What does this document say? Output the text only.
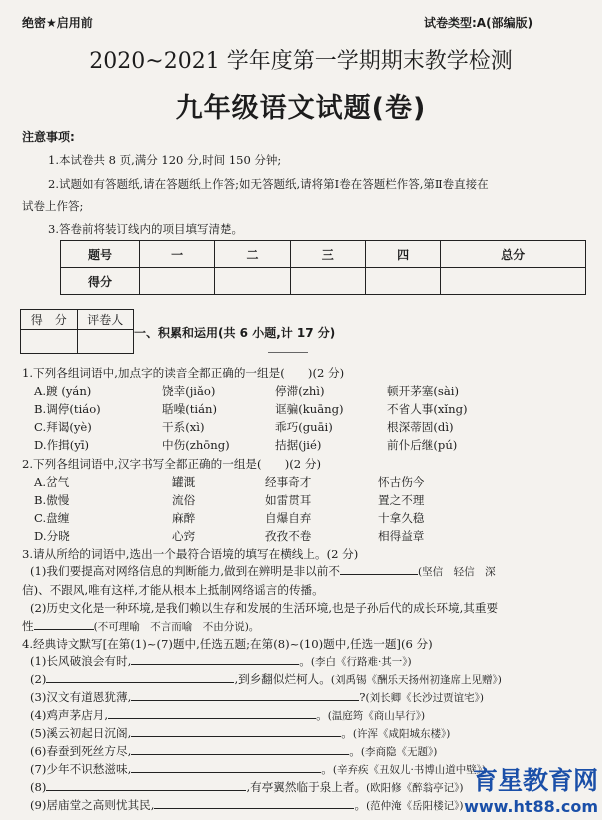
绝密★启用前	试卷类型:A(部编版)
2020~2021 学年度第一学期期末教学检测
九年级语文试题(卷)
注意事项:
1.本试卷共 8 页,满分 120 分,时间 150 分钟;
2.试题如有答题纸,请在答题纸上作答;如无答题纸,请将第Ⅰ卷在答题栏作答,第Ⅱ卷直接在
试卷上作答;
3.答卷前将装订线内的项目填写清楚。
题号	一	二	三	四	总分
得分					
得　分	评卷人

一、积累和运用(共 6 小题,计 17 分)
1.下列各组词语中,加点字的读音全都正确的一组是(　　)(2 分)
A.踱 (yán)	饶幸(jiǎo)	停滞(zhì)	顿开茅塞(sài)
B.调停(tiáo)	聒噪(tián)	诓骗(kuāng)	不省人事(xǐng)
C.拜谒(yè)	干系(xì)	乖巧(guāi)	根深蒂固(dì)
D.作揖(yī)	中伤(zhōng)	拮据(jié)	前仆后继(pú)
2.下列各组词语中,汉字书写全都正确的一组是(　　)(2 分)
A.岔气	罐溉	经事奇才	怀古伤今
B.傲慢	流俗	如雷贯耳	置之不理
C.盘缠	麻醉	自爆自弃	十拿久稳
D.分晓	心窍	孜孜不卷	相得益章
3.请从所给的词语中,选出一个最符合语境的填写在横线上。(2 分)
(1)我们要提高对网络信息的判断能力,做到在辨明是非以前不	(坚信　轻信　深
信)、不跟风,唯有这样,才能从根本上抵制网络谣言的传播。
(2)历史文化是一种环境,是我们赖以生存和发展的生活环境,也是子孙后代的成长环境,其重要
性	(不可理喻　不言而喻　不由分说)。
4.经典诗文默写[在第(1)~(7)题中,任选五题;在第(8)~(10)题中,任选一题](6 分)
(1)长风破浪会有时,	。(李白《行路难·其一》)
(2)	,到乡翻似烂柯人。(刘禹锡《酬乐天扬州初逢席上见赠》)
(3)汉文有道恩犹薄,	?(刘长卿《长沙过贾谊宅》)
(4)鸡声茅店月,	。(温庭筠《商山早行》)
(5)溪云初起日沉阁,	。(许浑《咸阳城东楼》)
(6)春蚕到死丝方尽,	。(李商隐《无题》)
(7)少年不识愁滋味,	。(辛弃疾《丑奴儿·书博山道中壁》)
(8)	,有亭翼然临于泉上者。(欧阳修《醉翁亭记》)
(9)居庙堂之高则忧其民,	。(范仲淹《岳阳楼记》)
育星教育网
www.ht88.com
